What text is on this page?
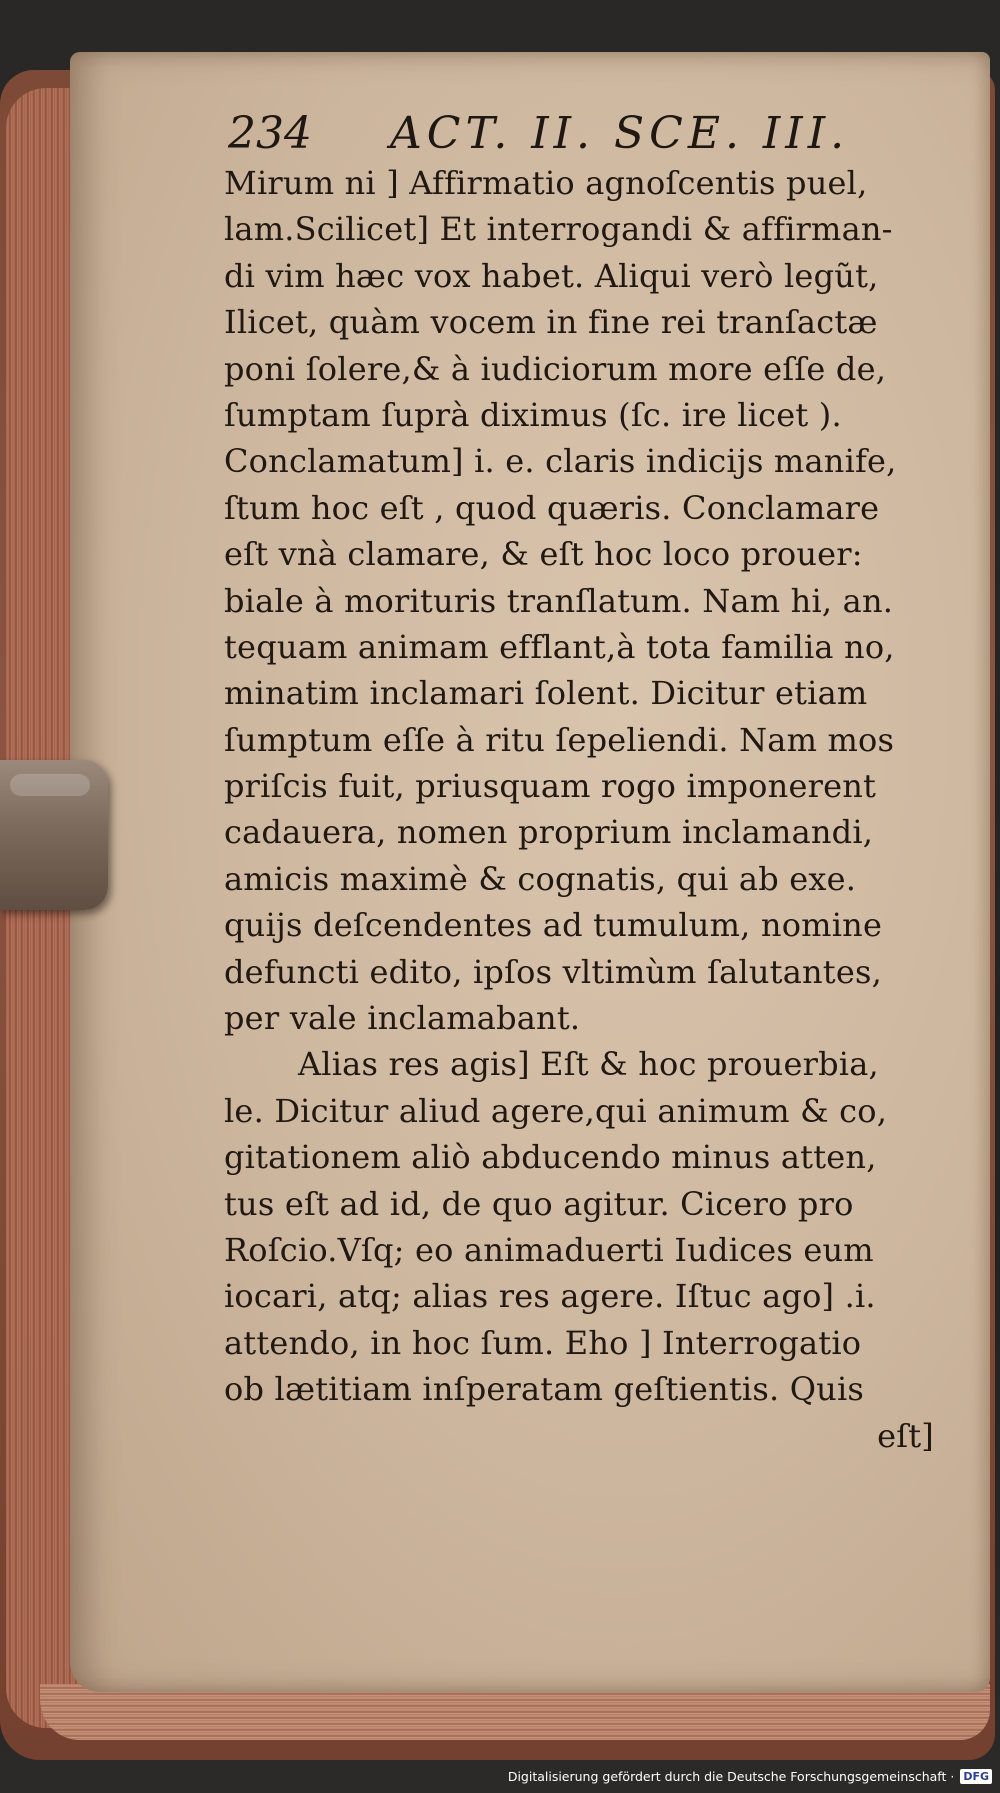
234 ACT. II. SCE. III.
Mirum ni ] Affirmatio agnoſcentis puel,
lam.Scilicet] Et interrogandi & affirman-
di vim hæc vox habet. Aliqui verò legũt,
Ilicet, quàm vocem in fine rei tranſactæ
poni ſolere,& à iudiciorum more eſſe de,
ſumptam ſuprà diximus (ſc. ire licet ).
Conclamatum] i. e. claris indicijs manife,
ſtum hoc eſt , quod quæris. Conclamare
eſt vnà clamare, & eſt hoc loco prouer:
biale à morituris tranſlatum. Nam hi, an.
tequam animam efflant,à tota familia no,
minatim inclamari ſolent. Dicitur etiam
ſumptum eſſe à ritu ſepeliendi. Nam mos
priſcis fuit, priusquam rogo imponerent
cadauera, nomen proprium inclamandi,
amicis maximè & cognatis, qui ab exe.
quijs deſcendentes ad tumulum, nomine
defuncti edito, ipſos vltimùm ſalutantes,
per vale inclamabant.
Alias res agis] Eſt & hoc prouerbia,
le. Dicitur aliud agere,qui animum & co,
gitationem aliò abducendo minus atten,
tus eſt ad id, de quo agitur. Cicero pro
Roſcio.Vſq; eo animaduerti Iudices eum
iocari, atq; alias res agere. Iſtuc ago] .i.
attendo, in hoc ſum. Eho ] Interrogatio
ob lætitiam inſperatam geſtientis. Quis
eſt]
Digitalisierung gefördert durch die Deutsche Forschungsgemeinschaft · DFG
